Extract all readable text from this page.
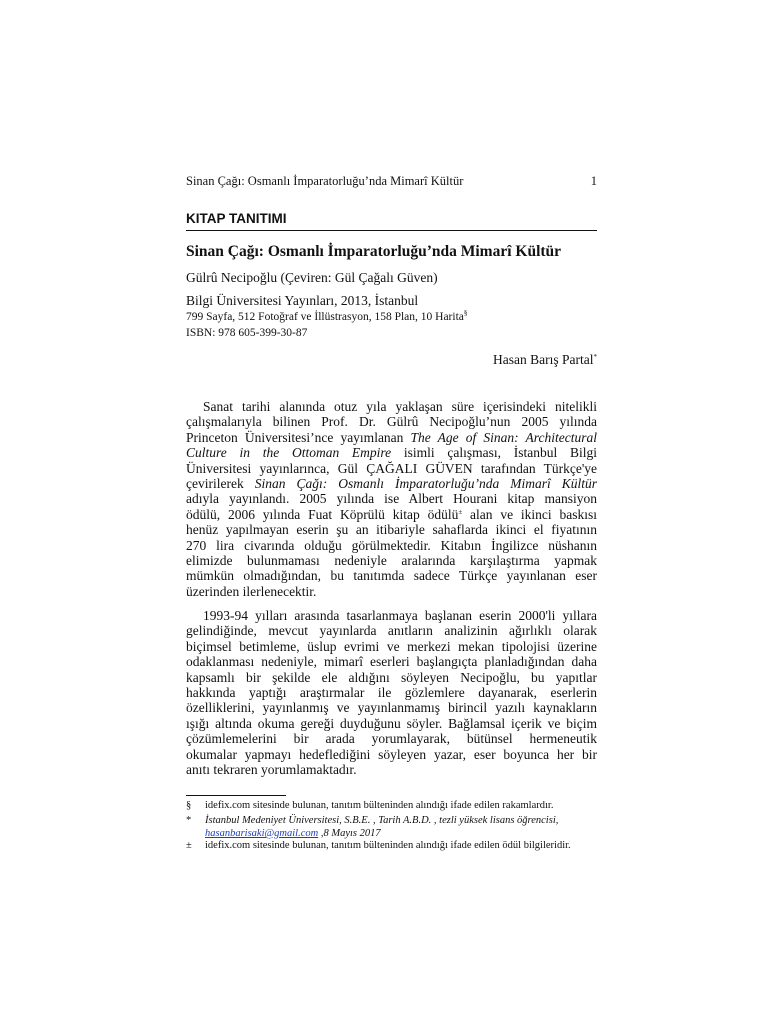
Sinan Çağı: Osmanlı İmparatorluğu’nda Mimarî Kültür	1
KITAP TANITIMI
Sinan Çağı: Osmanlı İmparatorluğu’nda Mimarî Kültür
Gülrû Necipoğlu (Çeviren: Gül Çağalı Güven)
Bilgi Üniversitesi Yayınları, 2013, İstanbul
799 Sayfa, 512 Fotoğraf ve İllüstrasyon, 158 Plan, 10 Harita§
ISBN: 978 605-399-30-87
Hasan Barış Partal*
Sanat tarihi alanında otuz yıla yaklaşan süre içerisindeki nitelikli
çalışmalarıyla bilinen Prof. Dr. Gülrû Necipoğlu’nun 2005 yılında
Princeton Üniversitesi’nce yayımlanan The Age of Sinan: Architectural
Culture in the Ottoman Empire isimli çalışması, İstanbul Bilgi
Üniversitesi yayınlarınca, Gül ÇAĞALI GÜVEN tarafından Türkçe'ye
çevirilerek Sinan Çağı: Osmanlı İmparatorluğu’nda Mimarî Kültür
adıyla yayınlandı. 2005 yılında ise Albert Hourani kitap mansiyon
ödülü, 2006 yılında Fuat Köprülü kitap ödülü± alan ve ikinci baskısı
henüz yapılmayan eserin şu an itibariyle sahaflarda ikinci el fiyatının
270 lira civarında olduğu görülmektedir. Kitabın İngilizce nüshanın
elimizde bulunmaması nedeniyle aralarında karşılaştırma yapmak
mümkün olmadığından, bu tanıtımda sadece Türkçe yayınlanan eser
üzerinden ilerlenecektir.
1993-94 yılları arasında tasarlanmaya başlanan eserin 2000'li yıllara
gelindiğinde, mevcut yayınlarda anıtların analizinin ağırlıklı olarak
biçimsel betimleme, üslup evrimi ve merkezi mekan tipolojisi üzerine
odaklanması nedeniyle, mimarî eserleri başlangıçta planladığından daha
kapsamlı bir şekilde ele aldığını söyleyen Necipoğlu, bu yapıtlar
hakkında yaptığı araştırmalar ile gözlemlere dayanarak, eserlerin
özelliklerini, yayınlanmış ve yayınlanmamış birincil yazılı kaynakların
ışığı altında okuma gereği duyduğunu söyler. Bağlamsal içerik ve biçim
çözümlemelerini bir arada yorumlayarak, bütünsel hermeneutik
okumalar yapmayı hedeflediğini söyleyen yazar, eser boyunca her bir
anıtı tekraren yorumlamaktadır.
§ idefix.com sitesinde bulunan, tanıtım bülteninden alındığı ifade edilen rakamlardır.
* İstanbul Medeniyet Üniversitesi, S.B.E. , Tarih A.B.D. , tezli yüksek lisans öğrencisi,
hasanbarisaki@gmail.com ,8 Mayıs 2017
± idefix.com sitesinde bulunan, tanıtım bülteninden alındığı ifade edilen ödül bilgileridir.
